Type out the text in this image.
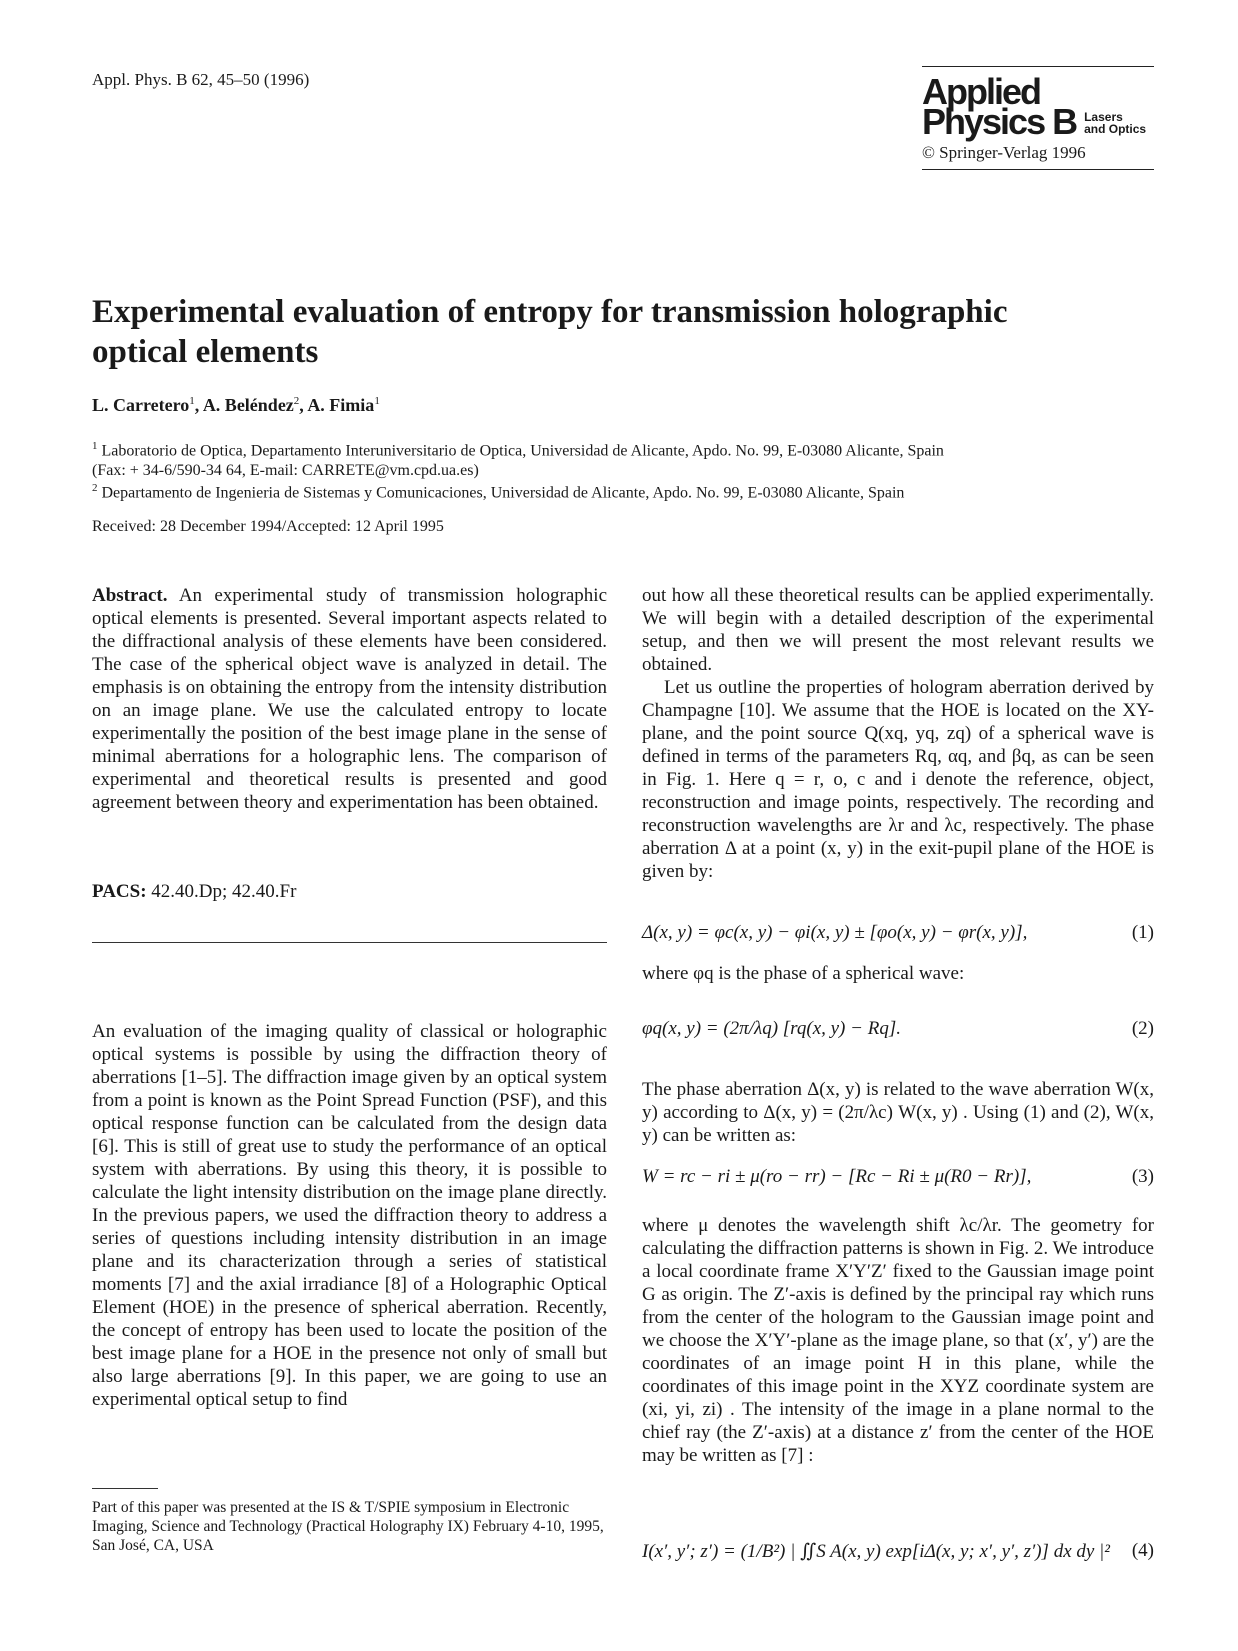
Appl. Phys. B 62, 45–50 (1996)	Applied
Physics B Lasers
and Optics
© Springer-Verlag 1996
Experimental evaluation of entropy for transmission holographic optical elements
L. Carretero$^1$, A. Beléndez$^2$, A. Fimia$^1$
$^1$ Laboratorio de Optica, Departamento Interuniversitario de Optica, Universidad de Alicante, Apdo. No. 99, E-03080 Alicante, Spain
(Fax: + 34-6/590-34 64, E-mail: CARRETE@vm.cpd.ua.es)
$^2$ Departamento de Ingenieria de Sistemas y Comunicaciones, Universidad de Alicante, Apdo. No. 99, E-03080 Alicante, Spain
Received: 28 December 1994/Accepted: 12 April 1995

Abstract. An experimental study of transmission holographic optical elements is presented. Several important aspects related to the diffractional analysis of these elements have been considered. The case of the spherical object wave is analyzed in detail. The emphasis is on obtaining the entropy from the intensity distribution on an image plane. We use the calculated entropy to locate experimentally the position of the best image plane in the sense of minimal aberrations for a holographic lens. The comparison of experimental and theoretical results is presented and good agreement between theory and experimentation has been obtained.

PACS: 42.40.Dp; 42.40.Fr

An evaluation of the imaging quality of classical or holographic optical systems is possible by using the diffraction theory of aberrations [1–5]. The diffraction image given by an optical system from a point is known as the Point Spread Function (PSF), and this optical response function can be calculated from the design data [6]. This is still of great use to study the performance of an optical system with aberrations. By using this theory, it is possible to calculate the light intensity distribution on the image plane directly. In the previous papers, we used the diffraction theory to address a series of questions including intensity distribution in an image plane and its characterization through a series of statistical moments [7] and the axial irradiance [8] of a Holographic Optical Element (HOE) in the presence of spherical aberration. Recently, the concept of entropy has been used to locate the position of the best image plane for a HOE in the presence not only of small but also large aberrations [9]. In this paper, we are going to use an experimental optical setup to find

Part of this paper was presented at the IS & T/SPIE symposium in Electronic Imaging, Science and Technology (Practical Holography IX) February 4-10, 1995, San José, CA, USA

out how all these theoretical results can be applied experimentally. We will begin with a detailed description of the experimental setup, and then we will present the most relevant results we obtained.

Let us outline the properties of hologram aberration derived by Champagne [10]. We assume that the HOE is located on the XY-plane, and the point source Q(xq, yq, zq) of a spherical wave is defined in terms of the parameters Rq, αq, and βq, as can be seen in Fig. 1. Here q = r, o, c and i denote the reference, object, reconstruction and image points, respectively. The recording and reconstruction wavelengths are λr and λc, respectively. The phase aberration Δ at a point (x, y) in the exit-pupil plane of the HOE is given by:

Δ(x, y) = φc(x, y) − φi(x, y) ± [φo(x, y) − φr(x, y)],	(1)

where φq is the phase of a spherical wave:

φq(x, y) = (2π/λq) [rq(x, y) − Rq].	(2)

The phase aberration Δ(x, y) is related to the wave aberration W(x, y) according to Δ(x, y) = (2π/λc) W(x, y) . Using (1) and (2), W(x, y) can be written as:

W = rc − ri ± μ(ro − rr) − [Rc − Ri ± μ(R0 − Rr)],	(3)

where μ denotes the wavelength shift λc/λr. The geometry for calculating the diffraction patterns is shown in Fig. 2. We introduce a local coordinate frame X′Y′Z′ fixed to the Gaussian image point G as origin. The Z′-axis is defined by the principal ray which runs from the center of the hologram to the Gaussian image point and we choose the X′Y′-plane as the image plane, so that (x′, y′) are the coordinates of an image point H in this plane, while the coordinates of this image point in the XYZ coordinate system are (xi, yi, zi) . The intensity of the image in a plane normal to the chief ray (the Z′-axis) at a distance z′ from the center of the HOE may be written as [7] :

I(x′, y′; z′) = (1/B²) | ∬S A(x, y) exp[iΔ(x, y; x′, y′, z′)] dx dy |² (4)
